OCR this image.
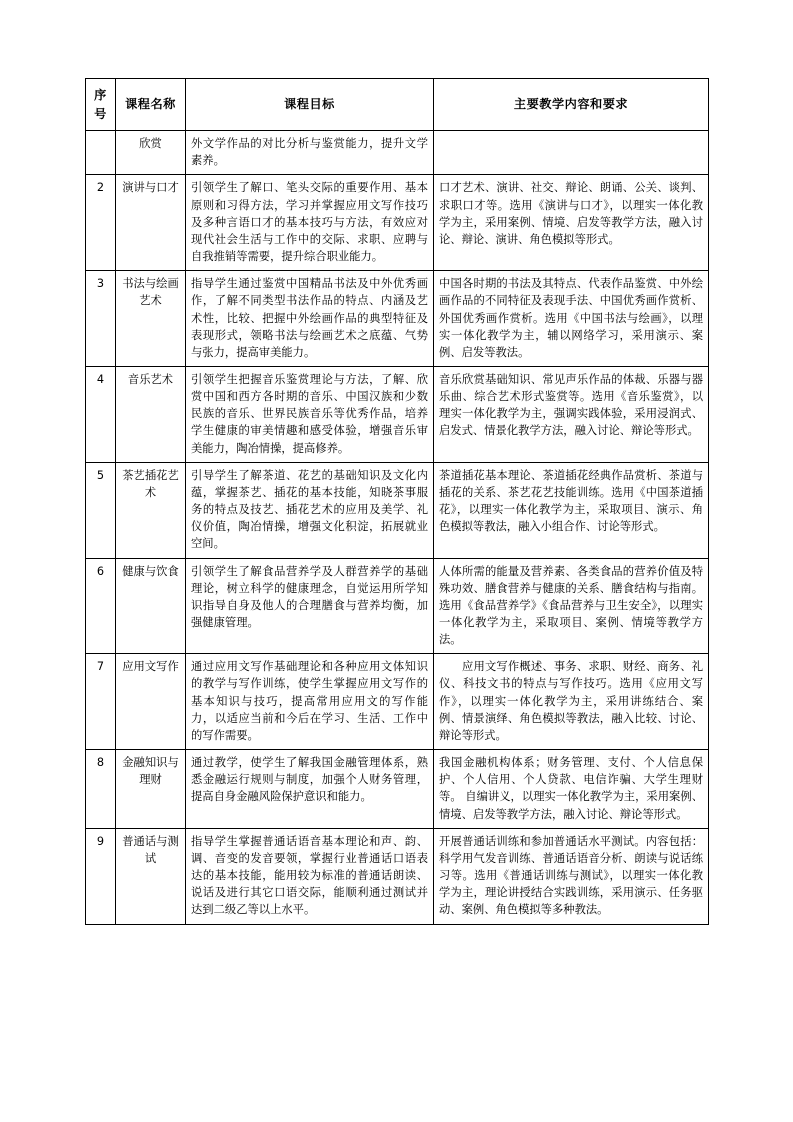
序号	课程名称	课程目标	主要教学内容和要求
	欣赏	外文学作品的对比分析与鉴赏能力，提升文学素养。	
2	演讲与口才	引领学生了解口、笔头交际的重要作用、基本原则和习得方法，学习并掌握应用文写作技巧及多种言语口才的基本技巧与方法，有效应对现代社会生活与工作中的交际、求职、应聘与自我推销等需要，提升综合职业能力。	口才艺术、演讲、社交、辩论、朗诵、公关、谈判、求职口才等。选用《演讲与口才》，以理实一体化教学为主，采用案例、情境、启发等教学方法，融入讨论、辩论、演讲、角色模拟等形式。
3	书法与绘画艺术	指导学生通过鉴赏中国精品书法及中外优秀画作，了解不同类型书法作品的特点、内涵及艺术性，比较、把握中外绘画作品的典型特征及表现形式，领略书法与绘画艺术之底蕴、气势与张力，提高审美能力。	中国各时期的书法及其特点、代表作品鉴赏、中外绘画作品的不同特征及表现手法、中国优秀画作赏析、外国优秀画作赏析。选用《中国书法与绘画》，以理实一体化教学为主，辅以网络学习，采用演示、案例、启发等教法。
4	音乐艺术	引领学生把握音乐鉴赏理论与方法，了解、欣赏中国和西方各时期的音乐、中国汉族和少数民族的音乐、世界民族音乐等优秀作品，培养学生健康的审美情趣和感受体验，增强音乐审美能力，陶冶情操，提高修养。	音乐欣赏基础知识、常见声乐作品的体裁、乐器与器乐曲、综合艺术形式鉴赏等。选用《音乐鉴赏》，以理实一体化教学为主，强调实践体验，采用浸润式、启发式、情景化教学方法，融入讨论、辩论等形式。
5	茶艺插花艺术	引导学生了解茶道、花艺的基础知识及文化内蕴，掌握茶艺、插花的基本技能，知晓茶事服务的特点及技艺、插花艺术的应用及美学、礼仪价值，陶冶情操，增强文化积淀，拓展就业空间。	茶道插花基本理论、茶道插花经典作品赏析、茶道与插花的关系、茶艺花艺技能训练。选用《中国茶道插花》，以理实一体化教学为主，采取项目、演示、角色模拟等教法，融入小组合作、讨论等形式。
6	健康与饮食	引领学生了解食品营养学及人群营养学的基础理论，树立科学的健康理念，自觉运用所学知识指导自身及他人的合理膳食与营养均衡，加强健康管理。	人体所需的能量及营养素、各类食品的营养价值及特殊功效、膳食营养与健康的关系、膳食结构与指南。选用《食品营养学》《食品营养与卫生安全》，以理实一体化教学为主，采取项目、案例、情境等教学方法。
7	应用文写作	通过应用文写作基础理论和各种应用文体知识的教学与写作训练，使学生掌握应用文写作的基本知识与技巧，提高常用应用文的写作能力，以适应当前和今后在学习、生活、工作中的写作需要。	　　应用文写作概述、事务、求职、财经、商务、礼仪、科技文书的特点与写作技巧。选用《应用文写作》，以理实一体化教学为主，采用讲练结合、案例、情景演绎、角色模拟等教法，融入比较、讨论、辩论等形式。
8	金融知识与理财	通过教学，使学生了解我国金融管理体系，熟悉金融运行规则与制度，加强个人财务管理，提高自身金融风险保护意识和能力。	我国金融机构体系；财务管理、支付、个人信息保护、个人信用、个人贷款、电信诈骗、大学生理财等。 自编讲义，以理实一体化教学为主，采用案例、情境、启发等教学方法，融入讨论、辩论等形式。
9	普通话与测试	指导学生掌握普通话语音基本理论和声、韵、调、音变的发音要领，掌握行业普通话口语表达的基本技能，能用较为标准的普通话朗读、说话及进行其它口语交际，能顺利通过测试并达到二级乙等以上水平。	开展普通话训练和参加普通话水平测试。内容包括：科学用气发音训练、普通话语音分析、朗读与说话练习等。选用《普通话训练与测试》，以理实一体化教学为主，理论讲授结合实践训练，采用演示、任务驱动、案例、角色模拟等多种教法。
